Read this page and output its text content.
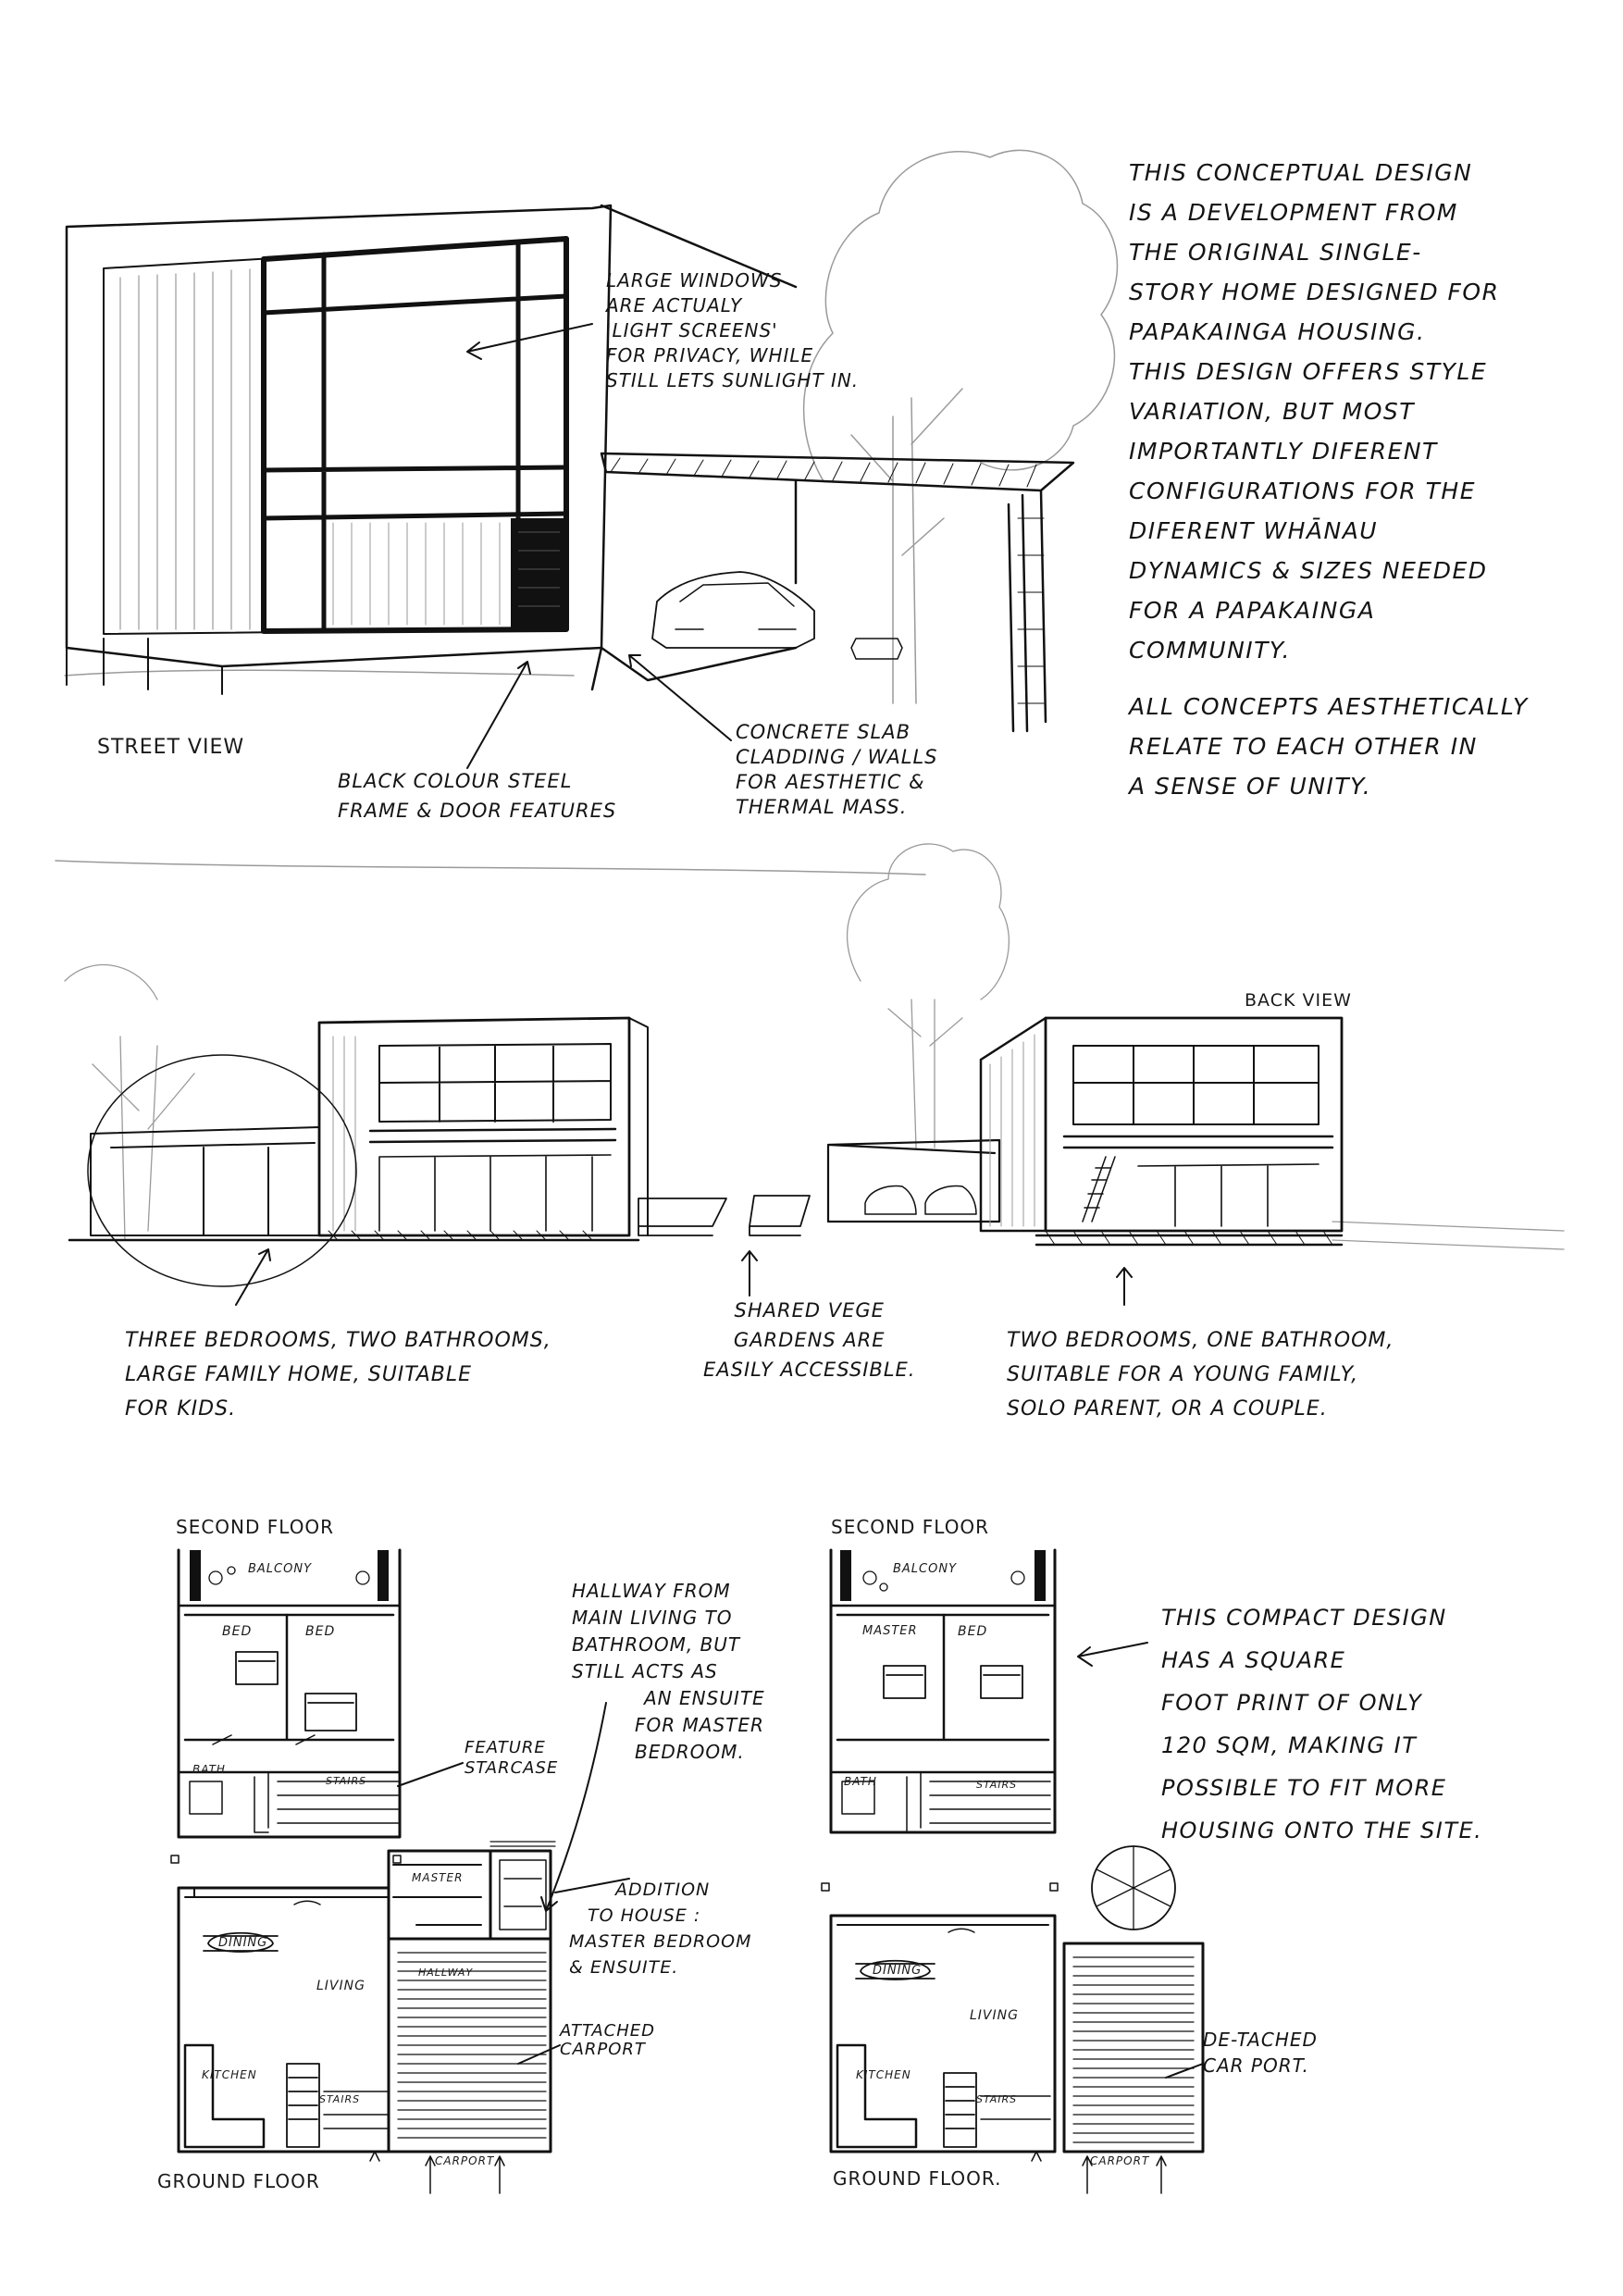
THIS CONCEPTUAL DESIGN
IS A DEVELOPMENT FROM
THE ORIGINAL SINGLE-
STORY HOME DESIGNED FOR
PAPAKAINGA HOUSING.
THIS DESIGN OFFERS STYLE
VARIATION, BUT MOST
IMPORTANTLY DIFERENT
CONFIGURATIONS FOR THE
DIFERENT WHĀNAU
DYNAMICS & SIZES NEEDED
FOR A PAPAKAINGA
COMMUNITY.
ALL CONCEPTS AESTHETICALLY
RELATE TO EACH OTHER IN
A SENSE OF UNITY.
STREET VIEW
LARGE WINDOWS
ARE ACTUALY
'LIGHT SCREENS'
FOR PRIVACY, WHILE
STILL LETS SUNLIGHT IN.
BLACK COLOUR STEEL
FRAME & DOOR FEATURES
CONCRETE SLAB
CLADDING / WALLS
FOR AESTHETIC &
THERMAL MASS.
BACK VIEW
THREE BEDROOMS, TWO BATHROOMS,
LARGE FAMILY HOME, SUITABLE
FOR KIDS.
SHARED VEGE
GARDENS ARE
EASILY ACCESSIBLE.
TWO BEDROOMS, ONE BATHROOM,
SUITABLE FOR A YOUNG FAMILY,
SOLO PARENT, OR A COUPLE.
SECOND FLOOR
BALCONY
BED	BED
BATH
STAIRS
DINING
LIVING
KITCHEN
STAIRS
MASTER
HALLWAY
GROUND FLOOR
CARPORT
HALLWAY FROM
MAIN LIVING TO
BATHROOM, BUT
STILL ACTS AS
AN ENSUITE
FOR MASTER
BEDROOM.
FEATURE
STARCASE
ADDITION
TO HOUSE :
MASTER BEDROOM
& ENSUITE.
ATTACHED
CARPORT
SECOND FLOOR
BALCONY
MASTER	BED
BATH	STAIRS
DINING
LIVING
KITCHEN
STAIRS
GROUND FLOOR.
CARPORT
THIS COMPACT DESIGN
HAS A SQUARE
FOOT PRINT OF ONLY
120 SQM, MAKING IT
POSSIBLE TO FIT MORE
HOUSING ONTO THE SITE.
DE-TACHED
CAR PORT.
